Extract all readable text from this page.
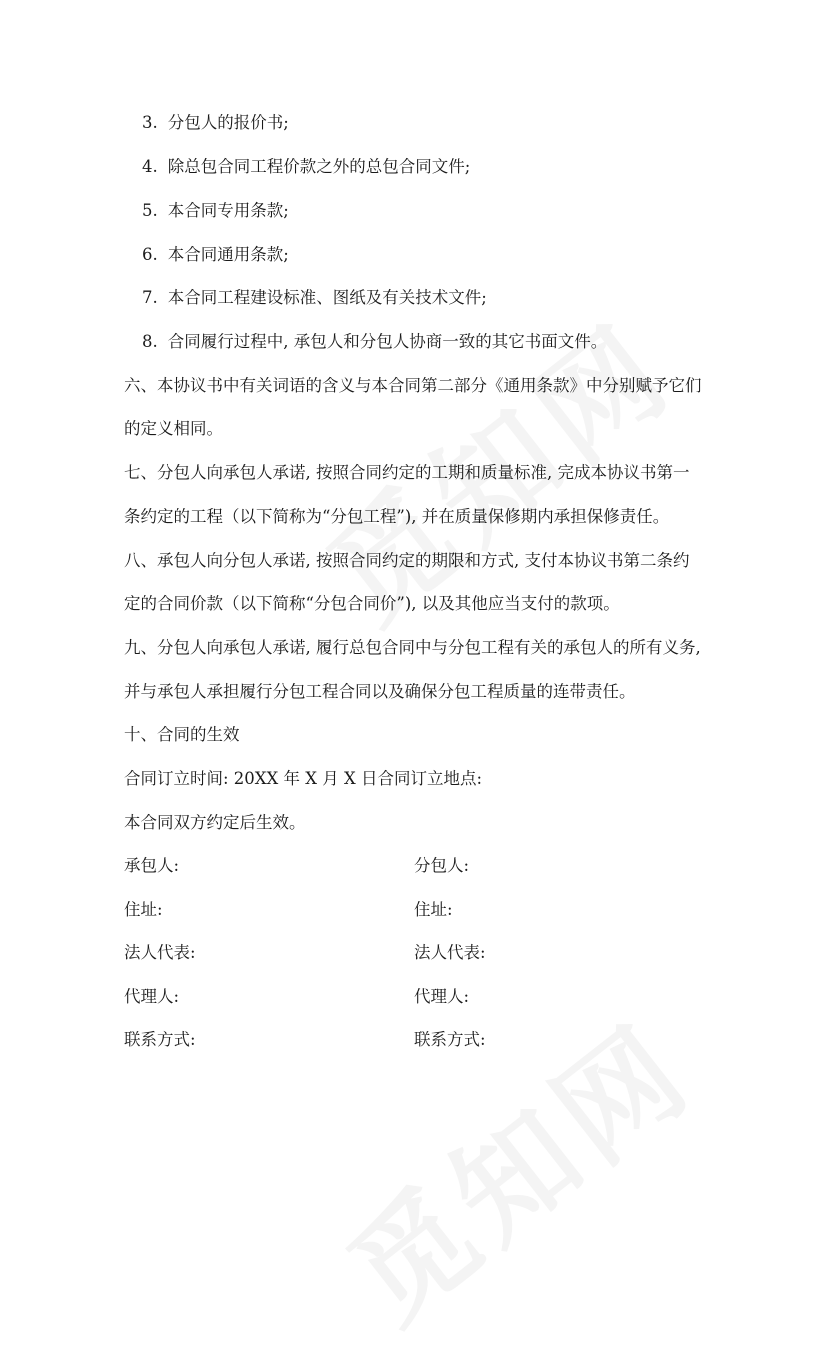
3. 分包人的报价书;
4. 除总包合同工程价款之外的总包合同文件;
5. 本合同专用条款;
6. 本合同通用条款;
7. 本合同工程建设标准、图纸及有关技术文件;
8. 合同履行过程中, 承包人和分包人协商一致的其它书面文件。
六、本协议书中有关词语的含义与本合同第二部分《通用条款》中分别赋予它们
的定义相同。
七、分包人向承包人承诺, 按照合同约定的工期和质量标准, 完成本协议书第一
条约定的工程（以下简称为“分包工程”), 并在质量保修期内承担保修责任。
八、承包人向分包人承诺, 按照合同约定的期限和方式, 支付本协议书第二条约
定的合同价款（以下简称“分包合同价”), 以及其他应当支付的款项。
九、分包人向承包人承诺, 履行总包合同中与分包工程有关的承包人的所有义务,
并与承包人承担履行分包工程合同以及确保分包工程质量的连带责任。
十、合同的生效
合同订立时间: 20XX 年 X 月 X 日合同订立地点:
本合同双方约定后生效。
承包人:	分包人:
住址:	住址:
法人代表:	法人代表:
代理人:	代理人:
联系方式:	联系方式:
